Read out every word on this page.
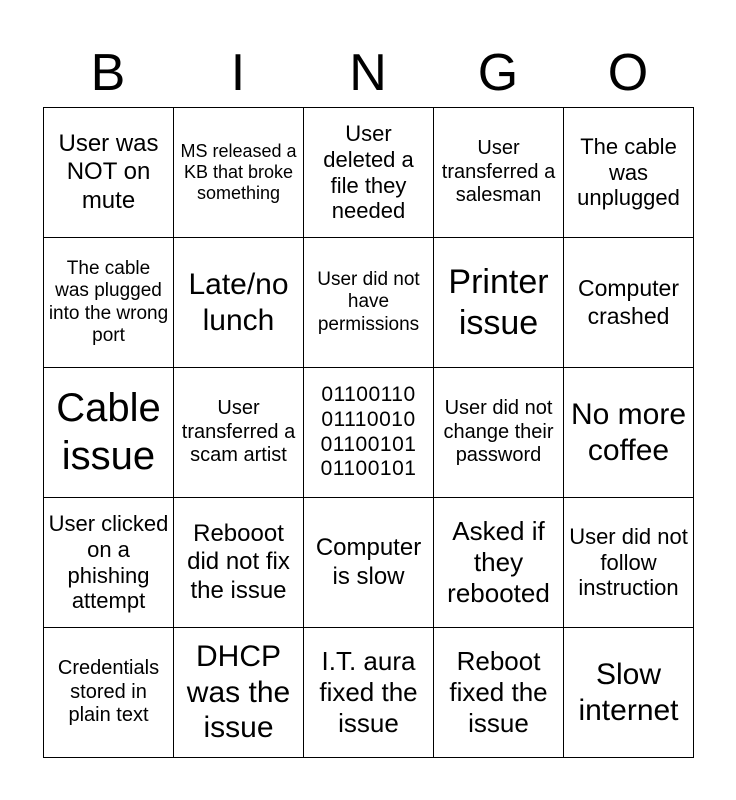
B	I	N	G	O
User was NOT on mute	MS released a KB that broke something	User deleted a file they needed	User transferred a salesman	The cable was unplugged
The cable was plugged into the wrong port	Late/no lunch	User did not have permissions	Printer issue	Computer crashed
Cable issue	User transferred a scam artist	01100110 01110010 01100101 01100101	User did not change their password	No more coffee
User clicked on a phishing attempt	Rebooot did not fix the issue	Computer is slow	Asked if they rebooted	User did not follow instruction
Credentials stored in plain text	DHCP was the issue	I.T. aura fixed the issue	Reboot fixed the issue	Slow internet
